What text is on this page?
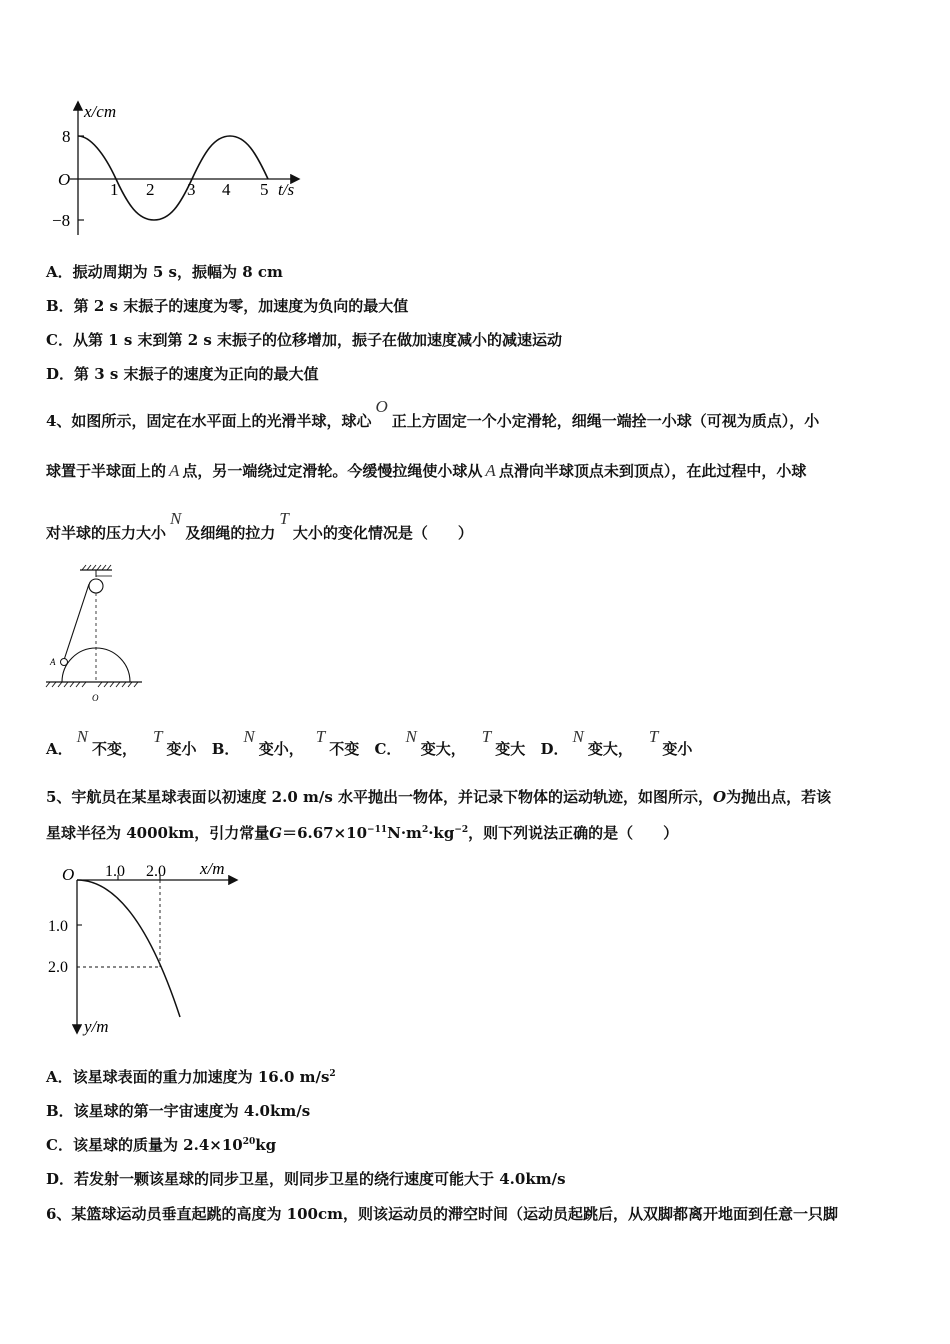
x/cm
O
8
−8
1 2 3 4 5 t/s
A．振动周期为 5 s，振幅为 8 cm
B．第 2 s 末振子的速度为零，加速度为负向的最大值
C．从第 1 s 末到第 2 s 末振子的位移增加，振子在做加速度减小的减速运动
D．第 3 s 末振子的速度为正向的最大值
4、如图所示，固定在水平面上的光滑半球，球心O正上方固定一个小定滑轮，细绳一端拴一小球（可视为质点），小
球置于半球面上的 A 点，另一端绕过定滑轮。今缓慢拉绳使小球从 A 点滑向半球顶点未到顶点），在此过程中，小球
对半球的压力大小N及细绳的拉力T大小的变化情况是（　　）
A
O
A．N不变，T变小 B．N变小，T不变 C．N变大，T变大 D．N变大，T变小
5、宇航员在某星球表面以初速度 2.0 m/s 水平抛出一物体，并记录下物体的运动轨迹，如图所示，O为抛出点，若该
星球半径为 4000km，引力常量$G=6.67\times 10^{-11}N\cdot m^2\cdot kg^{-2}$，则下列说法正确的是（　　）
O 1.0 2.0 x/m
1.0
2.0
y/m
A．该星球表面的重力加速度为 16.0 $m/s^2$
B．该星球的第一宇宙速度为 4.0km/s
C．该星球的质量为 $2.4\times 10^{20}kg$
D．若发射一颗该星球的同步卫星，则同步卫星的绕行速度可能大于 4.0km/s
6、某篮球运动员垂直起跳的高度为 100cm，则该运动员的滞空时间（运动员起跳后，从双脚都离开地面到任意一只脚
